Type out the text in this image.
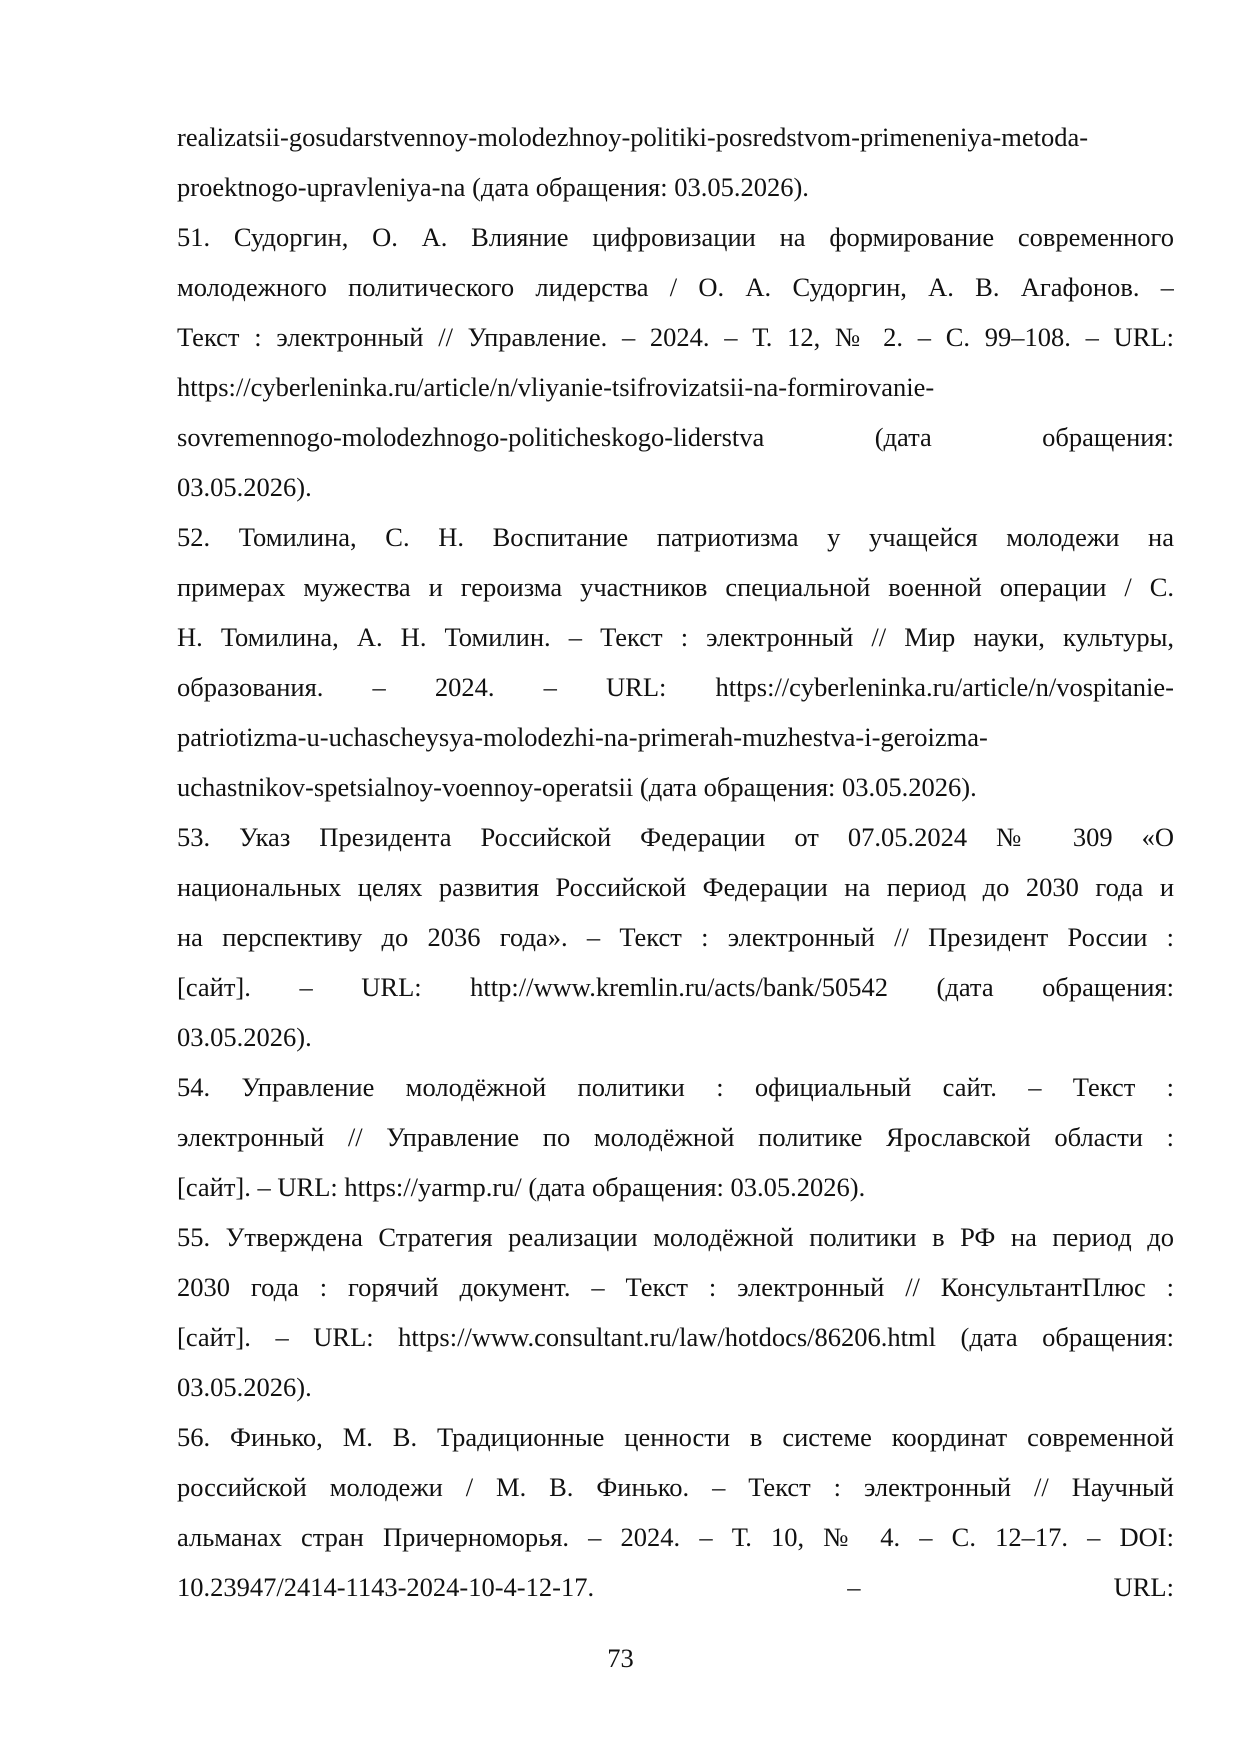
realizatsii-gosudarstvennoy-molodezhnoy-politiki-posredstvom-primeneniya-metoda-
proektnogo-upravleniya-na (дата обращения: 03.05.2026).
51. Судоргин, О. А. Влияние цифровизации на формирование современного
молодежного политического лидерства / О. А. Судоргин, А. В. Агафонов. –
Текст : электронный // Управление. – 2024. – Т. 12, № 2. – С. 99–108. – URL:
https://cyberleninka.ru/article/n/vliyanie-tsifrovizatsii-na-formirovanie-
sovremennogo-molodezhnogo-politicheskogo-liderstva (дата обращения:
03.05.2026).
52. Томилина, С. Н. Воспитание патриотизма у учащейся молодежи на
примерах мужества и героизма участников специальной военной операции / С.
Н. Томилина, А. Н. Томилин. – Текст : электронный // Мир науки, культуры,
образования. – 2024. – URL: https://cyberleninka.ru/article/n/vospitanie-
patriotizma-u-uchascheysya-molodezhi-na-primerah-muzhestva-i-geroizma-
uchastnikov-spetsialnoy-voennoy-operatsii (дата обращения: 03.05.2026).
53. Указ Президента Российской Федерации от 07.05.2024 № 309 «О
национальных целях развития Российской Федерации на период до 2030 года и
на перспективу до 2036 года». – Текст : электронный // Президент России :
[сайт]. – URL: http://www.kremlin.ru/acts/bank/50542 (дата обращения:
03.05.2026).
54. Управление молодёжной политики : официальный сайт. – Текст :
электронный // Управление по молодёжной политике Ярославской области :
[сайт]. – URL: https://yarmp.ru/ (дата обращения: 03.05.2026).
55. Утверждена Стратегия реализации молодёжной политики в РФ на период до
2030 года : горячий документ. – Текст : электронный // КонсультантПлюс :
[сайт]. – URL: https://www.consultant.ru/law/hotdocs/86206.html (дата обращения:
03.05.2026).
56. Финько, М. В. Традиционные ценности в системе координат современной
российской молодежи / М. В. Финько. – Текст : электронный // Научный
альманах стран Причерноморья. – 2024. – Т. 10, № 4. – С. 12–17. – DOI:
10.23947/2414-1143-2024-10-4-12-17. – URL:
73
